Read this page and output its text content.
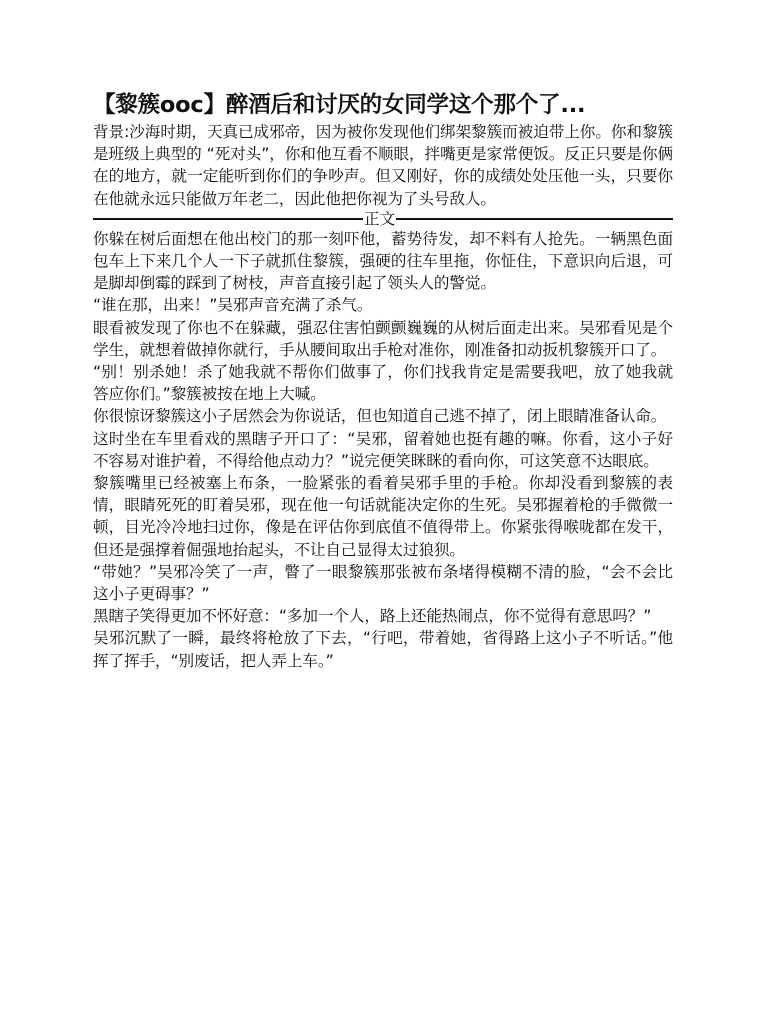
【黎簇ooc】醉酒后和讨厌的女同学这个那个了...

背景:沙海时期，天真已成邪帝，因为被你发现他们绑架黎簇而被迫带上你。你和黎簇是班级上典型的 “死对头”，你和他互看不顺眼，拌嘴更是家常便饭。反正只要是你俩在的地方，就一定能听到你们的争吵声。但又刚好，你的成绩处处压他一头，只要你在他就永远只能做万年老二，因此他把你视为了头号敌人。

正文

你躲在树后面想在他出校门的那一刻吓他，蓄势待发，却不料有人抢先。一辆黑色面包车上下来几个人一下子就抓住黎簇，强硬的往车里拖，你怔住，下意识向后退，可是脚却倒霉的踩到了树枝，声音直接引起了领头人的警觉。

“谁在那，出来！”吴邪声音充满了杀气。

眼看被发现了你也不在躲藏，强忍住害怕颤颤巍巍的从树后面走出来。吴邪看见是个学生，就想着做掉你就行，手从腰间取出手枪对准你，刚准备扣动扳机黎簇开口了。

“别！别杀她！杀了她我就不帮你们做事了，你们找我肯定是需要我吧，放了她我就答应你们。”黎簇被按在地上大喊。

你很惊讶黎簇这小子居然会为你说话，但也知道自己逃不掉了，闭上眼睛准备认命。

这时坐在车里看戏的黑瞎子开口了：“吴邪，留着她也挺有趣的嘛。你看，这小子好不容易对谁护着，不得给他点动力？”说完便笑眯眯的看向你，可这笑意不达眼底。

黎簇嘴里已经被塞上布条，一脸紧张的看着吴邪手里的手枪。你却没看到黎簇的表情，眼睛死死的盯着吴邪，现在他一句话就能决定你的生死。吴邪握着枪的手微微一顿，目光冷冷地扫过你，像是在评估你到底值不值得带上。你紧张得喉咙都在发干，但还是强撑着倔强地抬起头，不让自己显得太过狼狈。

“带她？”吴邪冷笑了一声，瞥了一眼黎簇那张被布条堵得模糊不清的脸，“会不会比这小子更碍事？”

黑瞎子笑得更加不怀好意：“多加一个人，路上还能热闹点，你不觉得有意思吗？”

吴邪沉默了一瞬，最终将枪放了下去，“行吧，带着她，省得路上这小子不听话。”他挥了挥手，“别废话，把人弄上车。”
